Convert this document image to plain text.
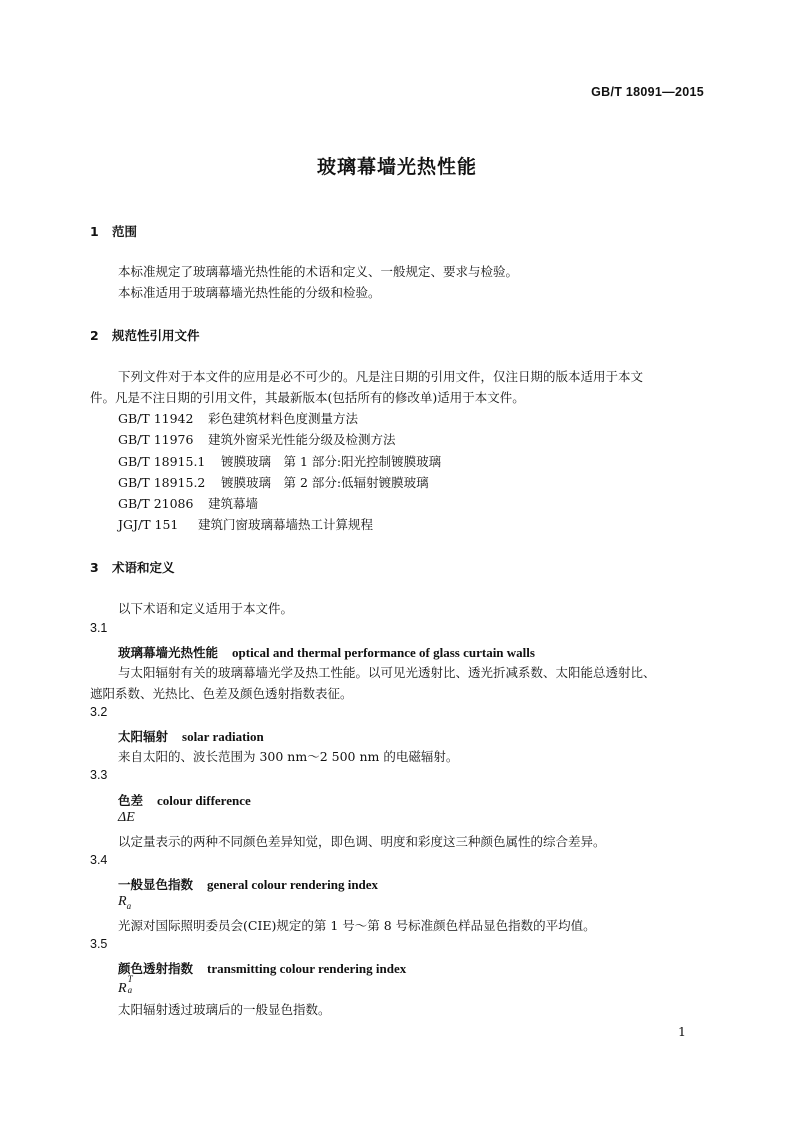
GB/T 18091—2015
玻璃幕墙光热性能
1 范围
本标准规定了玻璃幕墙光热性能的术语和定义、一般规定、要求与检验。
本标准适用于玻璃幕墙光热性能的分级和检验。
2 规范性引用文件
下列文件对于本文件的应用是必不可少的。凡是注日期的引用文件，仅注日期的版本适用于本文
件。凡是不注日期的引用文件，其最新版本(包括所有的修改单)适用于本文件。
GB/T 11942 彩色建筑材料色度测量方法
GB/T 11976 建筑外窗采光性能分级及检测方法
GB/T 18915.1 镀膜玻璃　第 1 部分:阳光控制镀膜玻璃
GB/T 18915.2 镀膜玻璃　第 2 部分:低辐射镀膜玻璃
GB/T 21086 建筑幕墙
JGJ/T 151 建筑门窗玻璃幕墙热工计算规程
3 术语和定义
以下术语和定义适用于本文件。
3.1
玻璃幕墙光热性能 optical and thermal performance of glass curtain walls
与太阳辐射有关的玻璃幕墙光学及热工性能。以可见光透射比、透光折减系数、太阳能总透射比、
遮阳系数、光热比、色差及颜色透射指数表征。
3.2
太阳辐射 solar radiation
来自太阳的、波长范围为 300 nm～2 500 nm 的电磁辐射。
3.3
色差 colour difference
ΔE
以定量表示的两种不同颜色差异知觉，即色调、明度和彩度这三种颜色属性的综合差异。
3.4
一般显色指数 general colour rendering index
$R_a$
光源对国际照明委员会(CIE)规定的第 1 号～第 8 号标准颜色样品显色指数的平均值。
3.5
颜色透射指数 transmitting colour rendering index
R
T
a
太阳辐射透过玻璃后的一般显色指数。
1
